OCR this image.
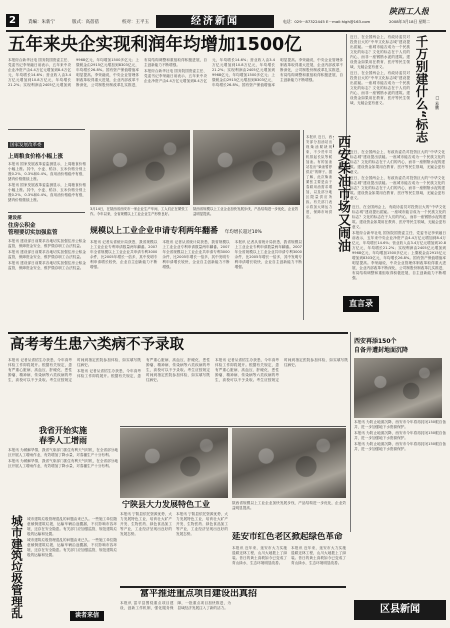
2	責編：朱新宁	版式：高蓓蓓	校对：王平玉	经济新闻	电话：029－87322445 E－mail:hlgh@163.com
陕西工人报
2008年3月18日 星期二
五年来央企实现利润年均增加1500亿

本报综合新华社电 国务院国资委主任、党委书记李荣融日前表示，五年来中央企业净资产由4.4万亿元增加到8.4万亿元，年均增长14.6%；营业收入由3.4万亿元增加到10.8万亿元，年均增长21.2%；实现利润由2405亿元增加到9968亿元，年均增加1500多亿元；上缴税金由2915亿元增加到8303亿元，年均增长26.8%。国有资产保值增值率明显提高。李荣融说，中央企业管理体制改革取得重大进展，企业内部改革不断深化，公司制股份制改革扎实推进，布局结构调整和重组取得积极进展，自主创新能力不断增强。

本报综合新华社电 国务院国资委主任、党委书记李荣融日前表示，五年来中央企业净资产由4.4万亿元增加到8.4万亿元，年均增长14.6%；营业收入由3.4万亿元增加到10.8万亿元，年均增长21.2%；实现利润由2405亿元增加到9968亿元，年均增加1500多亿元；上缴税金由2915亿元增加到8303亿元，年均增长26.8%。国有资产保值增值率明显提高。李荣融说，中央企业管理体制改革取得重大进展，企业内部改革不断深化，公司制股份制改革扎实推进，布局结构调整和重组取得积极进展，自主创新能力不断增强。

近日，在全国两会上，有政协委员对投资巨大的“中华文化标志城”建设提出质疑。一座城市能否成为一个民族文化的标志？文化的标志在于人们的内心，而非一座钢筋水泥的建筑。建设资金如果用在教育、医疗等民生领域，无疑会更有意义。

近日，在全国两会上，有政协委员对投资巨大的“中华文化标志城”建设提出质疑。一座城市能否成为一个民族文化的标志？文化的标志在于人们的内心，而非一座钢筋水泥的建筑。建设资金如果用在教育、医疗等民生领域，无疑会更有意义。

千万别建什么“标志
□ 易鹏

近日，在全国两会上，有政协委员对投资巨大的“中华文化标志城”建设提出质疑。一座城市能否成为一个民族文化的标志？文化的标志在于人们的内心，而非一座钢筋水泥的建筑。建设资金如果用在教育、医疗等民生领域，无疑会更有意义。

近日，在全国两会上，有政协委员对投资巨大的“中华文化标志城”建设提出质疑。一座城市能否成为一个民族文化的标志？文化的标志在于人们的内心，而非一座钢筋水泥的建筑。建设资金如果用在教育、医疗等民生领域，无疑会更有意义。

国家发展改革委
上周粮食价格小幅上涨

本报讯 国家发展改革委监测显示，上周粮食价格小幅上涨。其中，小麦、稻谷、玉米价格分别上涨0.2%、0.3%和0.4%。食用油价格稳中有涨，猪肉价格继续上涨。

本报讯 国家发展改革委监测显示，上周粮食价格小幅上涨。其中，小麦、稻谷、玉米价格分别上涨0.2%、0.3%和0.4%。食用油价格稳中有涨，猪肉价格继续上涨。

建设部
住房公积金
管理要切实加强监管

本报讯 建设部日前要求各地切实加强住房公积金监管，保障资金安全，维护缴存职工合法权益。

本报讯 建设部日前要求各地切实加强住房公积金监管，保障资金安全，维护缴存职工合法权益。

本报讯 建设部日前要求各地切实加强住房公积金监管，保障资金安全，维护缴存职工合法权益。

3月14日，在陕西省西安市一家企业生产车间，工人们正在紧张工作。今年以来，全省规模以上工业企业生产形势良好。
陕西省规模以上工业企业加快发展步伐，产品结构进一步优化，企业效益明显提高。
西安柴油市场又闹油

本报讯 近日，西安部分加油站出现柴油紧缺现象，不少货车司机排起长队等候加油。有的加油站挂出“柴油暂停供应”的牌子。据了解，此次柴油紧张主要是由于春耕用油需求增加，以及部分地区限量供应所致。有关部门表示将加大调运力度，保障市场供应。

规模以上工业企业申请专利两年翻番 年均增长超过10%

本报讯 记者从省统计局获悉，我省规模以上工业企业专利申请数量两年翻番。2007年全省规模以上工业企业共申请专利3000余件，比2005年增长一倍多，其中发明专利申请增长较快，企业自主创新能力不断增强。

本报讯 记者从省统计局获悉，我省规模以上工业企业专利申请数量两年翻番。2007年全省规模以上工业企业共申请专利3000余件，比2005年增长一倍多，其中发明专利申请增长较快，企业自主创新能力不断增强。

本报讯 记者从省统计局获悉，我省规模以上工业企业专利申请数量两年翻番。2007年全省规模以上工业企业共申请专利3000余件，比2005年增长一倍多，其中发明专利申请增长较快，企业自主创新能力不断增强。

近日，在全国两会上，有政协委员对投资巨大的“中华文化标志城”建设提出质疑。一座城市能否成为一个民族文化的标志？文化的标志在于人们的内心，而非一座钢筋水泥的建筑。建设资金如果用在教育、医疗等民生领域，无疑会更有意义。

本报综合新华社电 国务院国资委主任、党委书记李荣融日前表示，五年来中央企业净资产由4.4万亿元增加到8.4万亿元，年均增长14.6%；营业收入由3.4万亿元增加到10.8万亿元，年均增长21.2%；实现利润由2405亿元增加到9968亿元，年均增加1500多亿元；上缴税金由2915亿元增加到8303亿元，年均增长26.8%。国有资产保值增值率明显提高。李荣融说，中央企业管理体制改革取得重大进展，企业内部改革不断深化，公司制股份制改革扎实推进，布局结构调整和重组取得积极进展，自主创新能力不断增强。

直言录
高考考生患六类病不予录取

本报讯 记者从省招生办获悉，今年高考体检工作即将展开。根据有关规定，患有严重心脏病、高血压、肝硬化、恶性肿瘤、精神病、传染病等六类疾病的考生，高校可以不予录取。考生应按规定时间到指定医院参加体检，如实填写既往病史。

本报讯 记者从省招生办获悉，今年高考体检工作即将展开。根据有关规定，患有严重心脏病、高血压、肝硬化、恶性肿瘤、精神病、传染病等六类疾病的考生，高校可以不予录取。考生应按规定时间到指定医院参加体检，如实填写既往病史。

本报讯 记者从省招生办获悉，今年高考体检工作即将展开。根据有关规定，患有严重心脏病、高血压、肝硬化、恶性肿瘤、精神病、传染病等六类疾病的考生，高校可以不予录取。考生应按规定时间到指定医院参加体检，如实填写既往病史。

西安再添150个
自备井遭封地面沉降

本报讯 为防止地面沉降，西安市今年将再封闭150眼自备井，进一步加强地下水资源保护。

本报讯 为防止地面沉降，西安市今年将再封闭150眼自备井，进一步加强地下水资源保护。

本报讯 为防止地面沉降，西安市今年将再封闭150眼自备井，进一步加强地下水资源保护。

我省开始实施
春季人工增雨

本报讯 为缓解旱情，我省气象部门抓住有利天气时机，在全省部分地区开展人工增雨作业，有效增加了降水量，对春播生产十分有利。

本报讯 为缓解旱情，我省气象部门抓住有利天气时机，在全省部分地区开展人工增雨作业，有效增加了降水量，对春播生产十分有利。

宁陕县大力发展特色工业

本报讯 宁陕县依托资源优势，大力发展特色工业，培育壮大矿产开发、生物医药、绿色食品加工等产业，工业经济呈现出良好的发展态势。

本报讯 宁陕县依托资源优势，大力发展特色工业，培育壮大矿产开发、生物医药、绿色食品加工等产业，工业经济呈现出良好的发展态势。	延安市红色老区掀起绿色革命

本报讯 近年来，延安市大力实施退耕还林工程，山川大地披上了绿装。昔日的黄土高坡如今已变成了青山绿水，生态环境明显改善。

本报讯 近年来，延安市大力实施退耕还林工程，山川大地披上了绿装。昔日的黄土高坡如今已变成了青山绿水，生态环境明显改善。

陕西省规模以上工业企业加快发展步伐，产品结构进一步优化，企业效益明显提高。

城市建筑垃圾管理乱

城市建筑垃圾管理混乱的问题由来已久。一些施工单位随意倾倒建筑垃圾，运输车辆沿途撒漏，不仅影响市容环境，还存在安全隐患。有关部门应加强监管，规范建筑垃圾的运输和处置。

城市建筑垃圾管理混乱的问题由来已久。一些施工单位随意倾倒建筑垃圾，运输车辆沿途撒漏，不仅影响市容环境，还存在安全隐患。有关部门应加强监管，规范建筑垃圾的运输和处置。

读者来信
富平推进重点项目建设出真招

本报讯 富平县围绕重点项目建设，创新工作机制，强化服务保障，一批重点项目加快推进，为县域经济发展注入了新的活力。	区县新闻
